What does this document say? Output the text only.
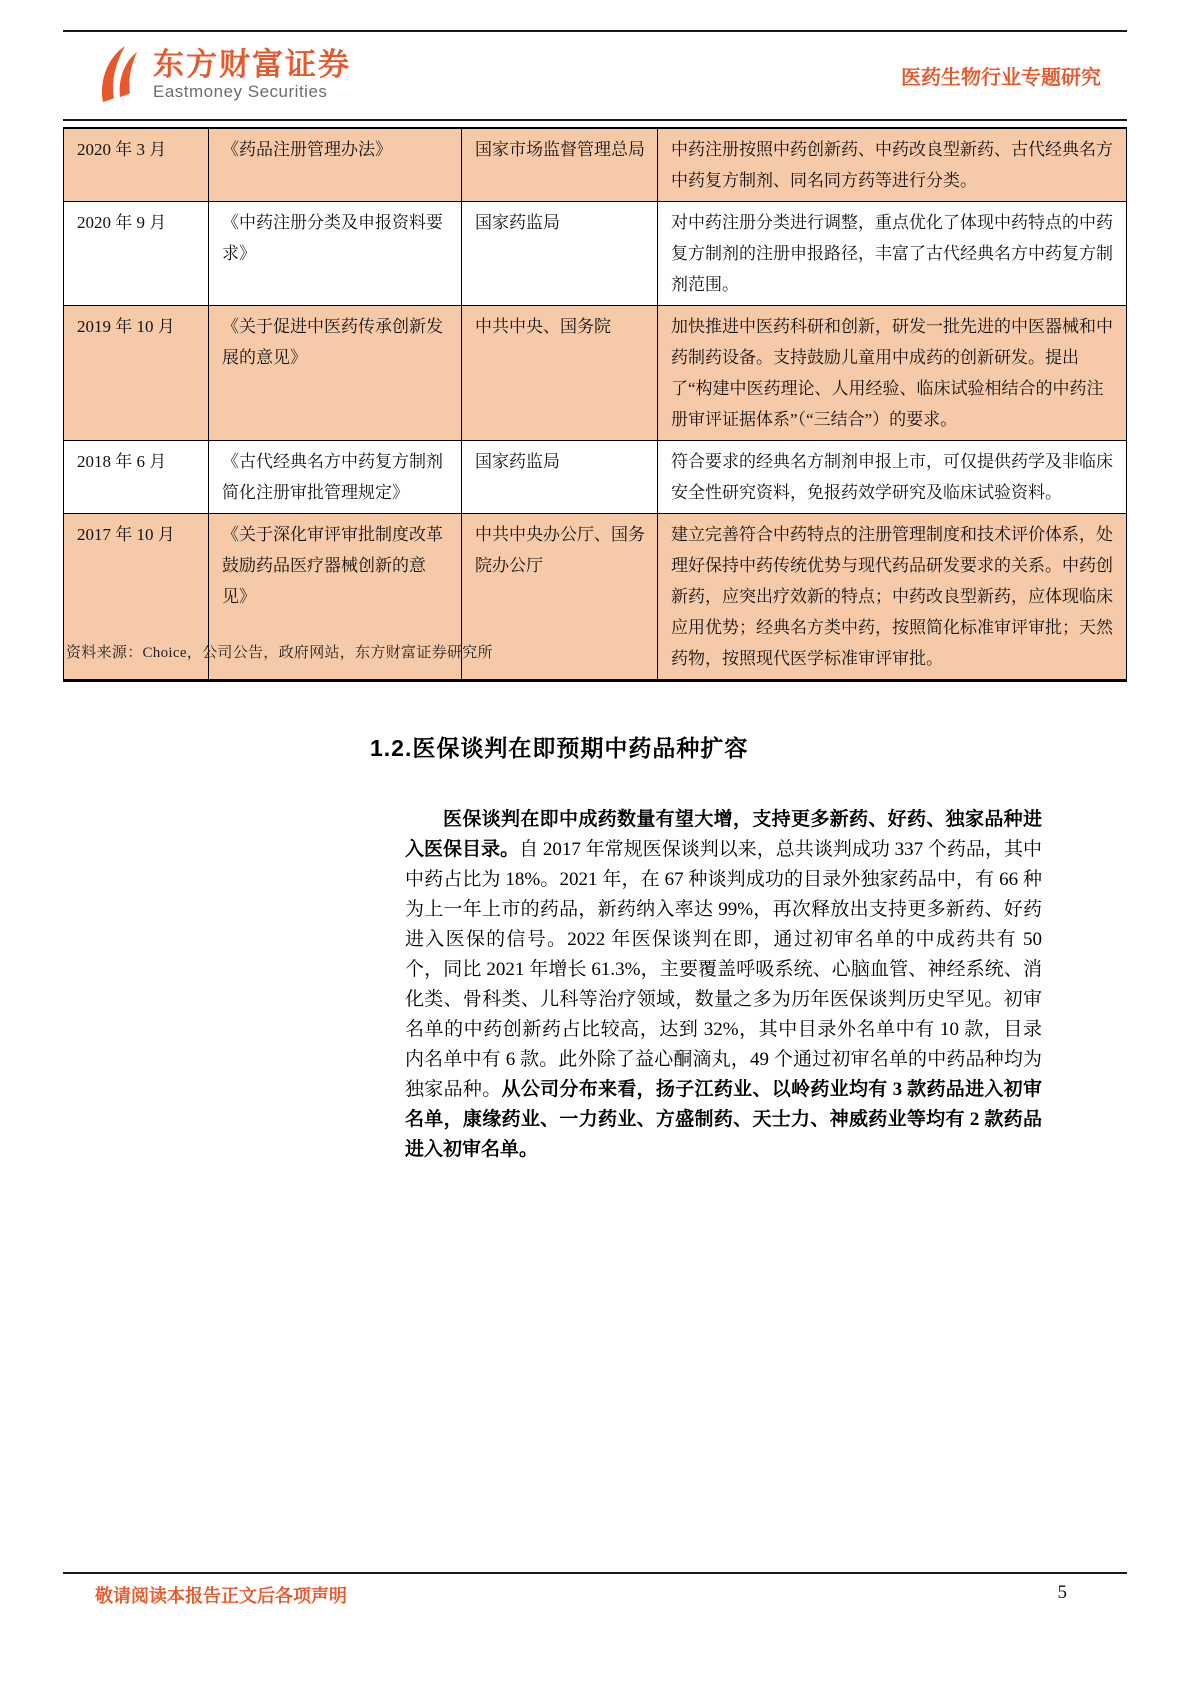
东方财富证券
Eastmoney Securities
医药生物行业专题研究
2020 年 3 月	《药品注册管理办法》	国家市场监督管理总局	中药注册按照中药创新药、中药改良型新药、古代经典名方中药复方制剂、同名同方药等进行分类。
2020 年 9 月	《中药注册分类及申报资料要求》	国家药监局	对中药注册分类进行调整，重点优化了体现中药特点的中药复方制剂的注册申报路径，丰富了古代经典名方中药复方制剂范围。
2019 年 10 月	《关于促进中医药传承创新发展的意见》	中共中央、国务院	加快推进中医药科研和创新，研发一批先进的中医器械和中药制药设备。支持鼓励儿童用中成药的创新研发。提出了“构建中医药理论、人用经验、临床试验相结合的中药注册审评证据体系”（“三结合”）的要求。
2018 年 6 月	《古代经典名方中药复方制剂简化注册审批管理规定》	国家药监局	符合要求的经典名方制剂申报上市，可仅提供药学及非临床安全性研究资料，免报药效学研究及临床试验资料。
2017 年 10 月	《关于深化审评审批制度改革鼓励药品医疗器械创新的意见》	中共中央办公厅、国务院办公厅	建立完善符合中药特点的注册管理制度和技术评价体系，处理好保持中药传统优势与现代药品研发要求的关系。中药创新药，应突出疗效新的特点；中药改良型新药，应体现临床应用优势；经典名方类中药，按照简化标准审评审批；天然药物，按照现代医学标准审评审批。
资料来源：Choice，公司公告，政府网站，东方财富证券研究所
1.2.医保谈判在即预期中药品种扩容

医保谈判在即中成药数量有望大增，支持更多新药、好药、独家品种进入医保目录。自 2017 年常规医保谈判以来，总共谈判成功 337 个药品，其中中药占比为 18%。2021 年，在 67 种谈判成功的目录外独家药品中，有 66 种为上一年上市的药品，新药纳入率达 99%，再次释放出支持更多新药、好药进入医保的信号。2022 年医保谈判在即，通过初审名单的中成药共有 50 个，同比 2021 年增长 61.3%，主要覆盖呼吸系统、心脑血管、神经系统、消化类、骨科类、儿科等治疗领域，数量之多为历年医保谈判历史罕见。初审名单的中药创新药占比较高，达到 32%，其中目录外名单中有 10 款，目录内名单中有 6 款。此外除了益心酮滴丸，49 个通过初审名单的中药品种均为独家品种。从公司分布来看，扬子江药业、以岭药业均有 3 款药品进入初审名单，康缘药业、一力药业、方盛制药、天士力、神威药业等均有 2 款药品进入初审名单。

敬请阅读本报告正文后各项声明	5
